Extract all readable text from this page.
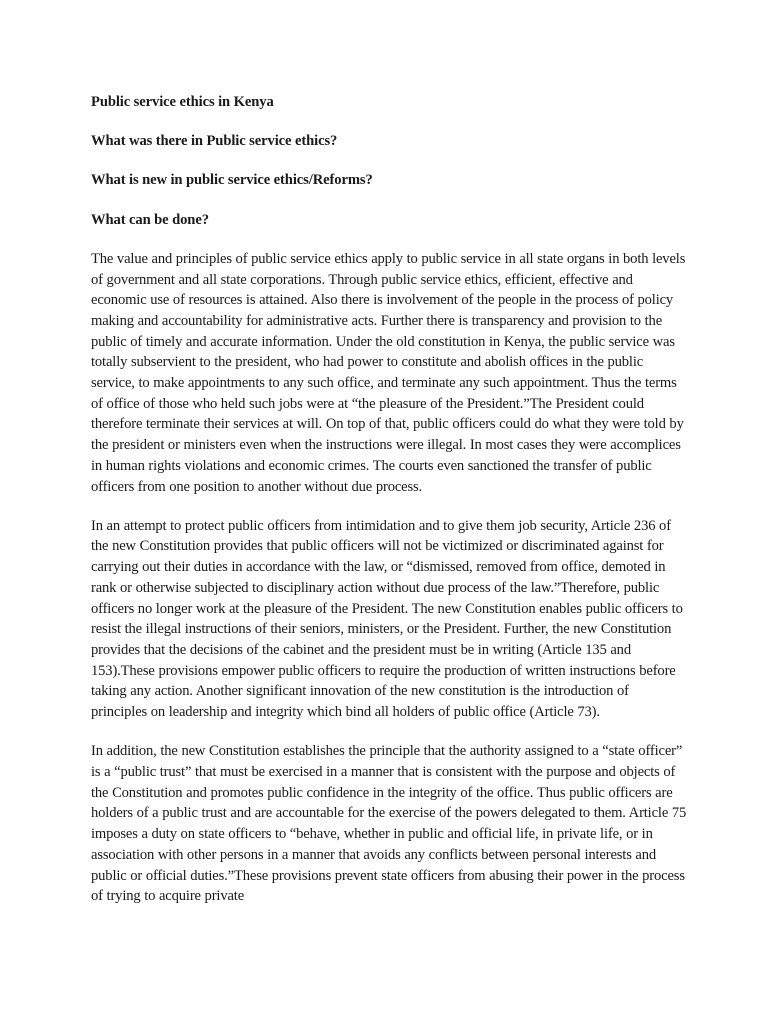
Public service ethics in Kenya

What was there in Public service ethics?

What is new in public service ethics/Reforms?

What can be done?

The value and principles of public service ethics apply to public service in all state organs in both levels of government and all state corporations. Through public service ethics, efficient, effective and economic use of resources is attained. Also there is involvement of the people in the process of policy making and accountability for administrative acts. Further there is transparency and provision to the public of timely and accurate information. Under the old constitution in Kenya, the public service was totally subservient to the president, who had power to constitute and abolish offices in the public service, to make appointments to any such office, and terminate any such appointment. Thus the terms of office of those who held such jobs were at “the pleasure of the President.”The President could therefore terminate their services at will. On top of that, public officers could do what they were told by the president or ministers even when the instructions were illegal. In most cases they were accomplices in human rights violations and economic crimes. The courts even sanctioned the transfer of public officers from one position to another without due process.

In an attempt to protect public officers from intimidation and to give them job security, Article 236 of the new Constitution provides that public officers will not be victimized or discriminated against for carrying out their duties in accordance with the law, or “dismissed, removed from office, demoted in rank or otherwise subjected to disciplinary action without due process of the law.”Therefore, public officers no longer work at the pleasure of the President. The new Constitution enables public officers to resist the illegal instructions of their seniors, ministers, or the President. Further, the new Constitution provides that the decisions of the cabinet and the president must be in writing (Article 135 and 153).These provisions empower public officers to require the production of written instructions before taking any action. Another significant innovation of the new constitution is the introduction of principles on leadership and integrity which bind all holders of public office (Article 73).

In addition, the new Constitution establishes the principle that the authority assigned to a “state officer” is a “public trust” that must be exercised in a manner that is consistent with the purpose and objects of the Constitution and promotes public confidence in the integrity of the office. Thus public officers are holders of a public trust and are accountable for the exercise of the powers delegated to them. Article 75 imposes a duty on state officers to “behave, whether in public and official life, in private life, or in association with other persons in a manner that avoids any conflicts between personal interests and public or official duties.”These provisions prevent state officers from abusing their power in the process of trying to acquire private
